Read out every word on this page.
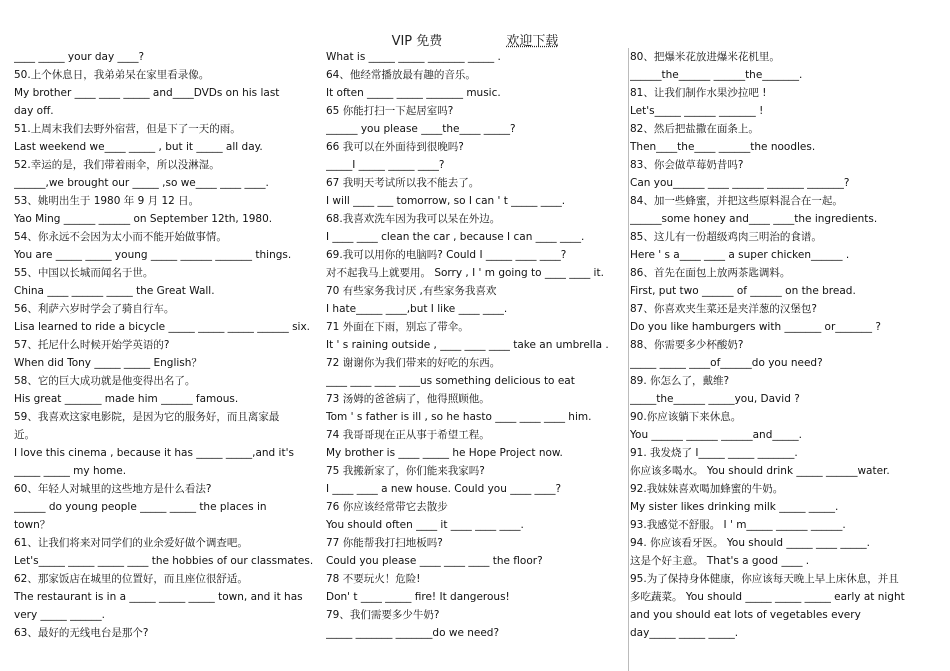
VIP 免费	欢迎下载
____ _____ your day ____?
50.上个休息日，我弟弟呆在家里看录像。
My brother ____ ____ _____ and____DVDs on his last
day off.
51.上周末我们去野外宿营，但是下了一天的雨。
Last weekend we____ _____ , but it _____ all day.
52.幸运的是，我们带着雨伞，所以没淋湿。
______,we brought our _____ ,so we____ ____ ____.
53、姚明出生于 1980 年 9 月 12 日。
Yao Ming ______ ______ on September 12th, 1980.
54、你永远不会因为太小而不能开始做事情。
You are _____ _____ young _____ ______ _______ things.
55、中国以长城而闻名于世。
China ____ ______ _____ the Great Wall.
56、利萨六岁时学会了骑自行车。
Lisa learned to ride a bicycle _____ _____ _____ ______ six.
57、托尼什么时候开始学英语的?
When did Tony _____ _____ English？
58、它的巨大成功就是他变得出名了。
His great _______ made him ______ famous.
59、我喜欢这家电影院，是因为它的服务好，而且离家最
近。
I love this cinema , because it has _____ _____,and it's
_____ _____ my home.
60、年轻人对城里的这些地方是什么看法?
______ do young people _____ _____ the places in
town？
61、让我们将来对同学们的业余爱好做个调查吧。
Let's_____ _____ _____ ____ the hobbies of our classmates.
62、那家饭店在城里的位置好，而且座位很舒适。
The restaurant is in a _____ _____ _____ town, and it has
very _____ ______.
63、最好的无线电台是那个?
What is _____ _____ _______ _____ .
64、他经常播放最有趣的音乐。
It often _____ _____ _______ music.
65 你能打扫一下起居室吗?
______ you please ____the____ _____?
66 我可以在外面待到很晚吗?
_____I _____ _____ ____?
67 我明天考试所以我不能去了。
I will ____ ___ tomorrow, so I can ' t _____ ____.
68.我喜欢洗车因为我可以呆在外边。
I ____ ____ clean the car , because I can ____ ____.
69.我可以用你的电脑吗? Could I _____ ____ ____?
对不起我马上就要用。 Sorry , I ' m going to ____ ____ it.
70 有些家务我讨厌 ,有些家务我喜欢
I hate_____ ____,but I like ____ ____.
71 外面在下雨，别忘了带伞。
It ' s raining outside , ____ ____ ____ take an umbrella .
72 谢谢你为我们带来的好吃的东西。
____ ____ ____ ____us something delicious to eat
73 汤姆的爸爸病了，他得照顾他。
Tom ' s father is ill , so he hasto ____ ____ ____ him.
74 我哥哥现在正从事于希望工程。
My brother is ____ _____ he Hope Project now.
75 我搬新家了，你们能来我家吗?
I ____ ____ a new house. Could you ____ ____?
76 你应该经常带它去散步
You should often ____ it ____ ____ ____.
77 你能帮我打扫地板吗?
Could you please ____ ____ ____ the floor?
78 不要玩火！危险!
Don' t ____ _____ fire! It dangerous!
79、我们需要多少牛奶?
_____ _______ _______do we need?
80、把爆米花放进爆米花机里。
______the______ ______the_______.
81、让我们制作水果沙拉吧 !
Let's_____ ______ _______ !
82、然后把盐撒在面条上。
Then____the____ ______the noodles.
83、你会做草莓奶昔吗?
Can you______ ____ ______ _______ _______?
84、加一些蜂蜜，并把这些原料混合在一起。
______some honey and____ ____the ingredients.
85、这儿有一份超级鸡肉三明治的食谱。
Here ' s a____ ____ a super chicken______ .
86、首先在面包上放两茶匙调料。
First, put two ______ of ______ on the bread.
87、你喜欢夹生菜还是夹洋葱的汉堡包?
Do you like hamburgers with _______ or_______ ?
88、你需要多少杯酸奶?
_____ _____ ____of______do you need?
89. 你怎么了，戴维?
_____the______ _____you, David ?
90.你应该躺下来休息。
You ______ ______ ______and_____.
91. 我发烧了 I_____ _____ _______.
你应该多喝水。 You should drink _____ ______water.
92.我妹妹喜欢喝加蜂蜜的牛奶。
My sister likes drinking milk _____ _____.
93.我感觉不舒服。 I ' m_____ ______ ______.
94. 你应该看牙医。 You should _____ ____ _____.
这是个好主意。 That's a good ____ .
95.为了保持身体健康，你应该每天晚上早上床休息，并且
多吃蔬菜。 You should _____ _____ _____ early at night
and you should eat lots of vegetables every
day_____ _____ _____.
